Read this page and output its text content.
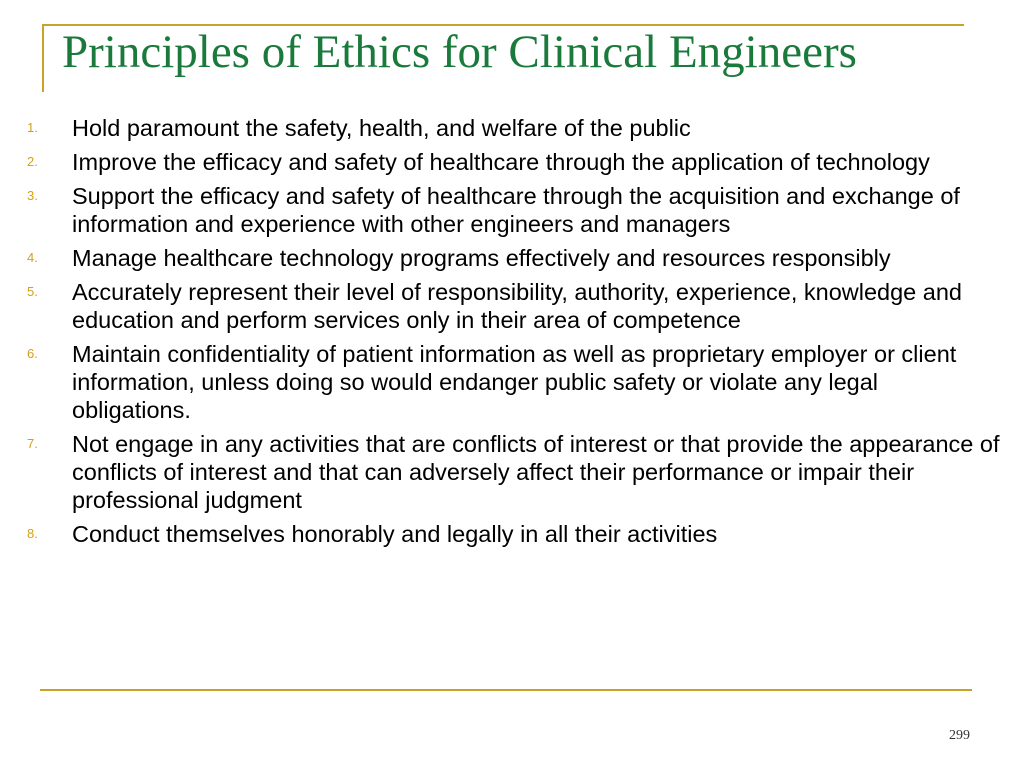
Principles of Ethics for Clinical Engineers
1. Hold paramount the safety, health, and welfare of the public
2. Improve the efficacy and safety of healthcare through the application of technology
3. Support the efficacy and safety of healthcare through the acquisition and exchange of information and experience with other engineers and managers
4. Manage healthcare technology programs effectively and resources responsibly
5. Accurately represent their level of responsibility, authority, experience, knowledge and education and perform services only in their area of competence
6. Maintain confidentiality of patient information as well as proprietary employer or client information, unless doing so would endanger public safety or violate any legal obligations.
7. Not engage in any activities that are conflicts of interest or that provide the appearance of conflicts of interest and that can adversely affect their performance or impair their professional judgment
8. Conduct themselves honorably and legally in all their activities
299
